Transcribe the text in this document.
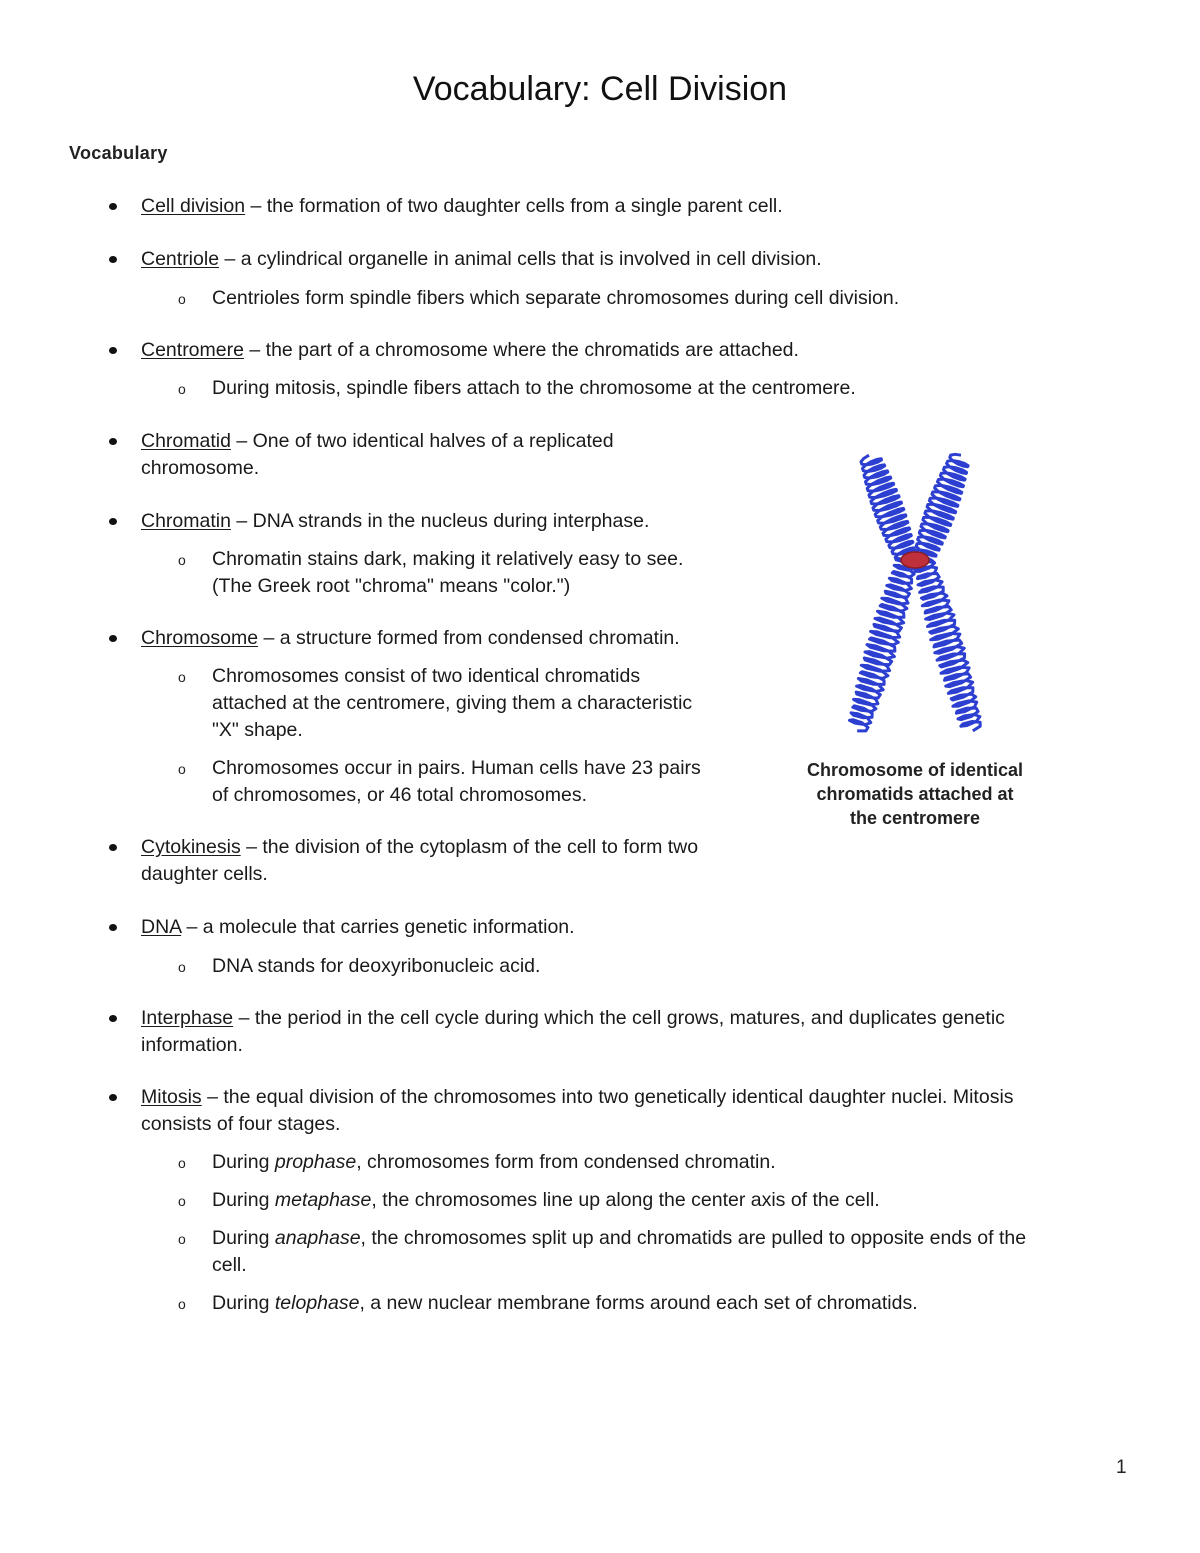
Vocabulary: Cell Division
Vocabulary
Cell division – the formation of two daughter cells from a single parent cell.
Centriole – a cylindrical organelle in animal cells that is involved in cell division.
o Centrioles form spindle fibers which separate chromosomes during cell division.
Centromere – the part of a chromosome where the chromatids are attached.
o During mitosis, spindle fibers attach to the chromosome at the centromere.
Chromatid – One of two identical halves of a replicated
chromosome.
Chromatin – DNA strands in the nucleus during interphase.
o Chromatin stains dark, making it relatively easy to see.
(The Greek root "chroma" means "color.")
Chromosome – a structure formed from condensed chromatin.
o Chromosomes consist of two identical chromatids
attached at the centromere, giving them a characteristic
"X" shape.
o Chromosomes occur in pairs. Human cells have 23 pairs
of chromosomes, or 46 total chromosomes.
Cytokinesis – the division of the cytoplasm of the cell to form two
daughter cells.
DNA – a molecule that carries genetic information.
o DNA stands for deoxyribonucleic acid.
Interphase – the period in the cell cycle during which the cell grows, matures, and duplicates genetic
information.
Mitosis – the equal division of the chromosomes into two genetically identical daughter nuclei. Mitosis
consists of four stages.
o During prophase, chromosomes form from condensed chromatin.
o During metaphase, the chromosomes line up along the center axis of the cell.
o During anaphase, the chromosomes split up and chromatids are pulled to opposite ends of the
cell.
o During telophase, a new nuclear membrane forms around each set of chromatids.
Chromosome of identical
chromatids attached at
the centromere
1
